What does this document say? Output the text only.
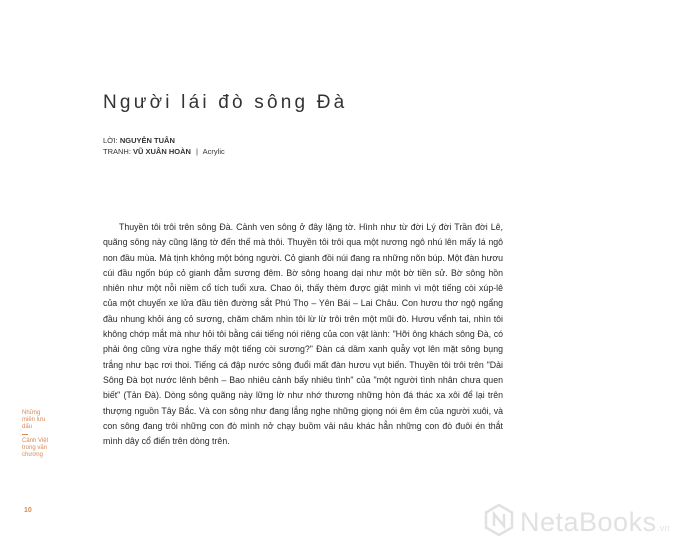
Người lái đò sông Đà
LỜI: NGUYỄN TUÂN
TRANH: VŨ XUÂN HOÀN | Acrylic

Thuyền tôi trôi trên sông Đà. Cảnh ven sông ở đây lặng tờ. Hình như từ đời Lý đời Trần đời Lê, quãng sông này cũng lặng tờ đến thế mà thôi. Thuyền tôi trôi qua một nương ngô nhú lên mấy lá ngô non đầu mùa. Mà tịnh không một bóng người. Cỏ gianh đồi núi đang ra những nõn búp. Một đàn hươu cúi đầu ngốn búp cỏ gianh đẫm sương đêm. Bờ sông hoang dại như một bờ tiền sử. Bờ sông hồn nhiên như một nỗi niềm cổ tích tuổi xưa. Chao ôi, thấy thèm được giật mình vì một tiếng còi xúp-lê của một chuyến xe lửa đầu tiên đường sắt Phú Thọ – Yên Bái – Lai Châu. Con hươu thơ ngộ ngẩng đầu nhung khỏi áng cỏ sương, chăm chăm nhìn tôi lừ lừ trôi trên một mũi đò. Hươu vểnh tai, nhìn tôi không chớp mắt mà như hỏi tôi bằng cái tiếng nói riêng của con vật lành: "Hỡi ông khách sông Đà, có phải ông cũng vừa nghe thấy một tiếng còi sương?" Đàn cá dầm xanh quẫy vọt lên mặt sông bụng trắng như bạc rơi thoi. Tiếng cá đập nước sông đuổi mất đàn hươu vụt biến. Thuyền tôi trôi trên "Dải Sông Đà bọt nước lênh bênh – Bao nhiêu cảnh bấy nhiêu tình" của "một người tình nhân chưa quen biết" (Tản Đà). Dòng sông quãng này lững lờ như nhớ thương những hòn đá thác xa xôi để lại trên thượng nguồn Tây Bắc. Và con sông như đang lắng nghe những giọng nói êm êm của người xuôi, và con sông đang trôi những con đò mình nở chạy buồm vải nâu khác hẳn những con đò đuôi én thắt mình dây cổ điển trên dòng trên.

Những miền lưu dấu
Cảnh Việt trong văn chương
10	NetaBooks.vn
